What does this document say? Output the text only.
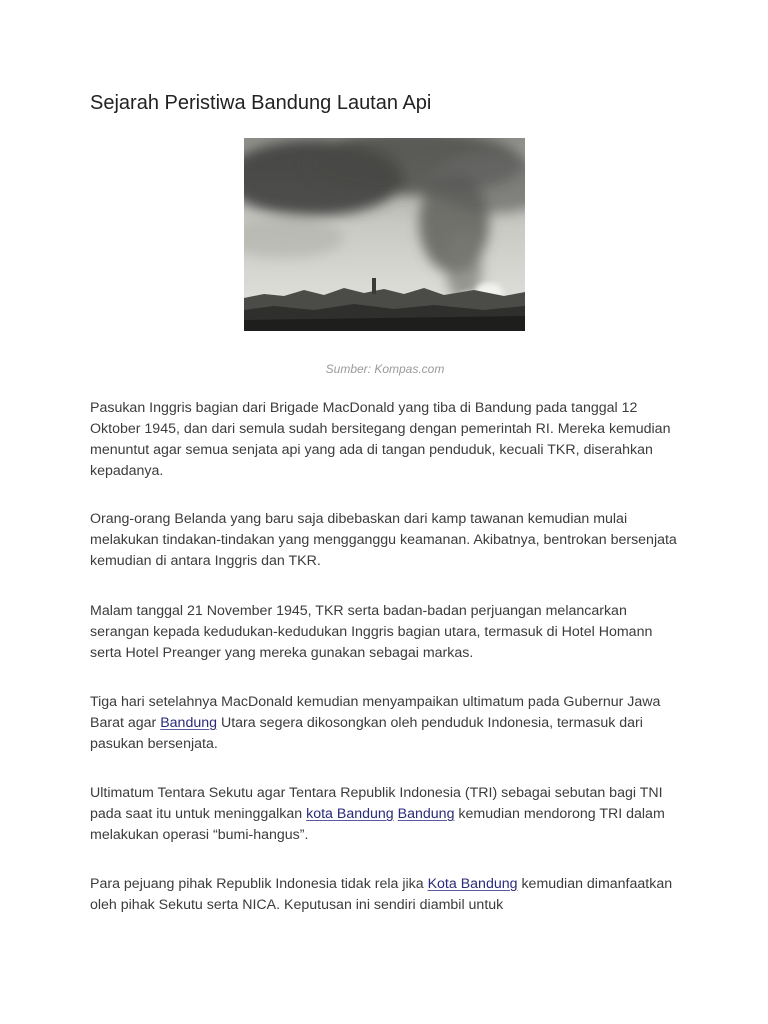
Sejarah Peristiwa Bandung Lautan Api
Sumber: Kompas.com

Pasukan Inggris bagian dari Brigade MacDonald yang tiba di Bandung pada tanggal 12 Oktober 1945, dan dari semula sudah bersitegang dengan pemerintah RI. Mereka kemudian menuntut agar semua senjata api yang ada di tangan penduduk, kecuali TKR, diserahkan kepadanya.

Orang-orang Belanda yang baru saja dibebaskan dari kamp tawanan kemudian mulai melakukan tindakan-tindakan yang mengganggu keamanan. Akibatnya, bentrokan bersenjata kemudian di antara Inggris dan TKR.

Malam tanggal 21 November 1945, TKR serta badan-badan perjuangan melancarkan serangan kepada kedudukan-kedudukan Inggris bagian utara, termasuk di Hotel Homann serta Hotel Preanger yang mereka gunakan sebagai markas.

Tiga hari setelahnya MacDonald kemudian menyampaikan ultimatum pada Gubernur Jawa Barat agar Bandung Utara segera dikosongkan oleh penduduk Indonesia, termasuk dari pasukan bersenjata.

Ultimatum Tentara Sekutu agar Tentara Republik Indonesia (TRI) sebagai sebutan bagi TNI pada saat itu untuk meninggalkan kota Bandung Bandung kemudian mendorong TRI dalam melakukan operasi “bumi-hangus”.

Para pejuang pihak Republik Indonesia tidak rela jika Kota Bandung kemudian dimanfaatkan oleh pihak Sekutu serta NICA. Keputusan ini sendiri diambil untuk
